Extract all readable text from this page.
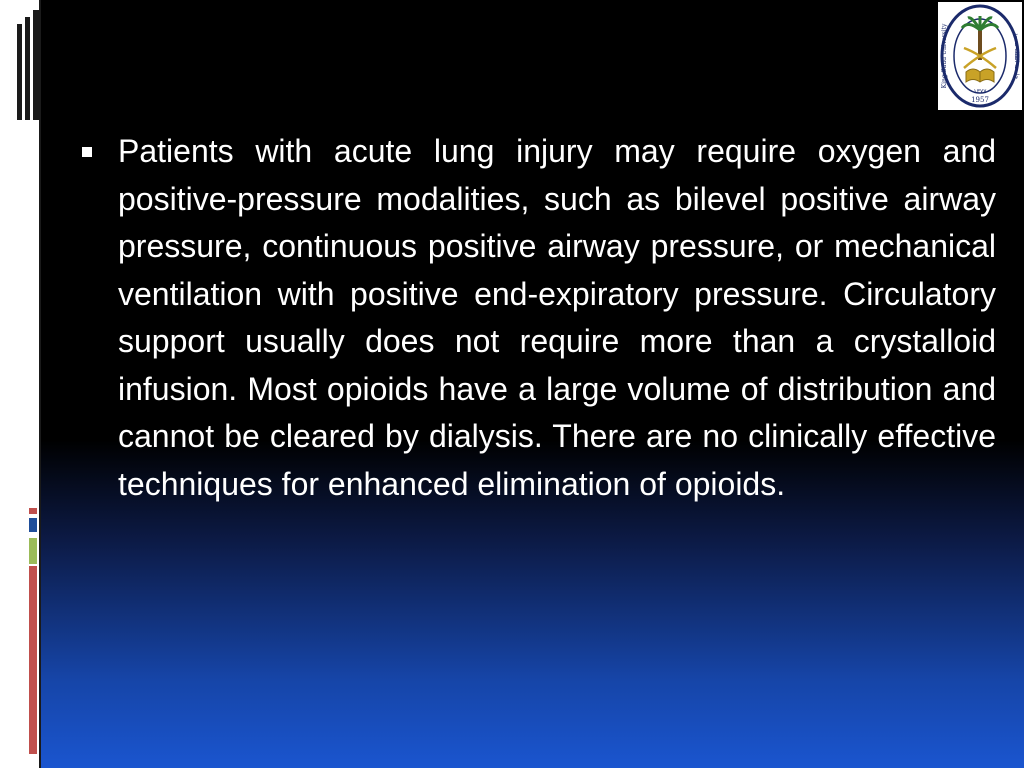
1957
١٣٧٧
King Saud University	جامعة الملك سعود
Patients with acute lung injury may require oxygen and positive-pressure modalities, such as bilevel positive airway pressure, continuous positive airway pressure, or mechanical ventilation with positive end-expiratory pressure. Circulatory support usually does not require more than a crystalloid infusion. Most opioids have a large volume of distribution and cannot be cleared by dialysis. There are no clinically effective techniques for enhanced elimination of opioids.
